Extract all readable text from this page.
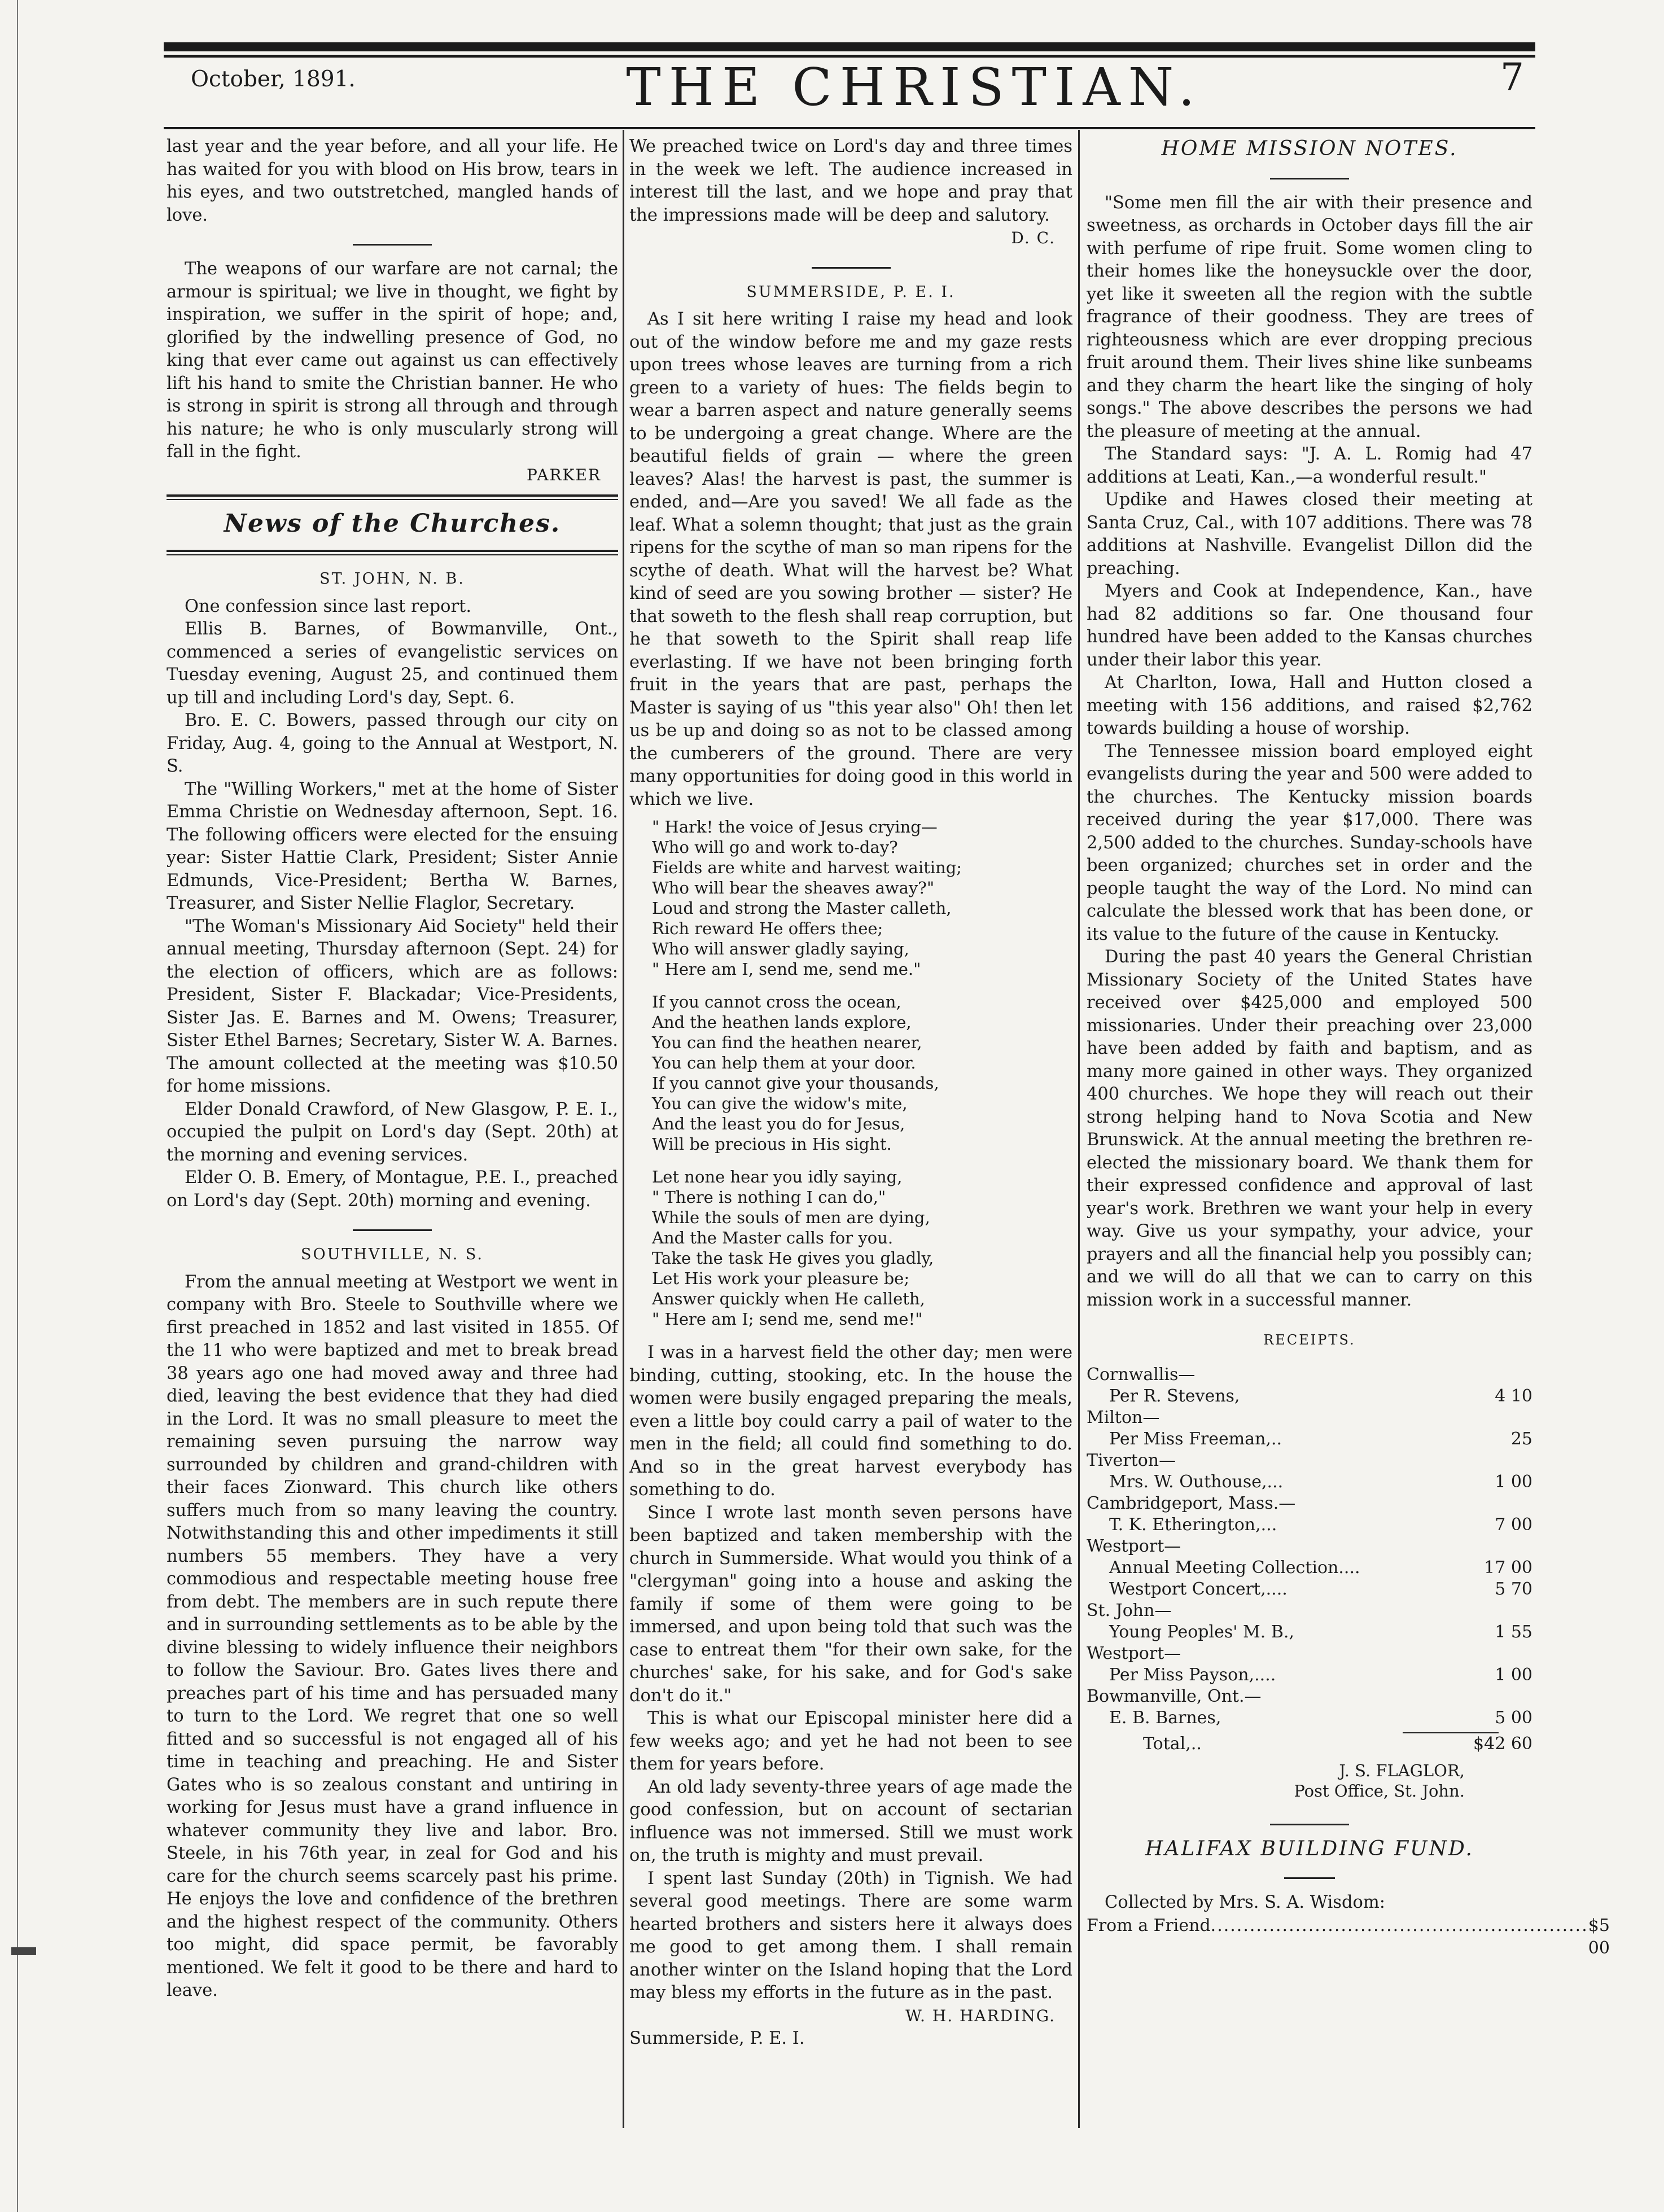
October, 1891.	THE CHRISTIAN.	7

last year and the year before, and all your life. He has waited for you with blood on His brow, tears in his eyes, and two outstretched, mangled hands of love.

The weapons of our warfare are not carnal; the armour is spiritual; we live in thought, we fight by inspiration, we suffer in the spirit of hope; and, glorified by the indwelling presence of God, no king that ever came out against us can effectively lift his hand to smite the Christian banner. He who is strong in spirit is strong all through and through his nature; he who is only muscularly strong will fall in the fight.

PARKER
News of the Churches.
ST. JOHN, N. B.

One confession since last report.

Ellis B. Barnes, of Bowmanville, Ont., commenced a series of evangelistic services on Tuesday evening, August 25, and continued them up till and including Lord's day, Sept. 6.

Bro. E. C. Bowers, passed through our city on Friday, Aug. 4, going to the Annual at Westport, N. S.

The "Willing Workers," met at the home of Sister Emma Christie on Wednesday afternoon, Sept. 16. The following officers were elected for the ensuing year: Sister Hattie Clark, President; Sister Annie Edmunds, Vice-President; Bertha W. Barnes, Treasurer, and Sister Nellie Flaglor, Secretary.

"The Woman's Missionary Aid Society" held their annual meeting, Thursday afternoon (Sept. 24) for the election of officers, which are as follows: President, Sister F. Blackadar; Vice-Presidents, Sister Jas. E. Barnes and M. Owens; Treasurer, Sister Ethel Barnes; Secretary, Sister W. A. Barnes. The amount collected at the meeting was $10.50 for home missions.

Elder Donald Crawford, of New Glasgow, P. E. I., occupied the pulpit on Lord's day (Sept. 20th) at the morning and evening services.

Elder O. B. Emery, of Montague, P.E. I., preached on Lord's day (Sept. 20th) morning and evening.

SOUTHVILLE, N. S.

From the annual meeting at Westport we went in company with Bro. Steele to Southville where we first preached in 1852 and last visited in 1855. Of the 11 who were baptized and met to break bread 38 years ago one had moved away and three had died, leaving the best evidence that they had died in the Lord. It was no small pleasure to meet the remaining seven pursuing the narrow way surrounded by children and grand-children with their faces Zionward. This church like others suffers much from so many leaving the country. Notwithstanding this and other impediments it still numbers 55 members. They have a very commodious and respectable meeting house free from debt. The members are in such repute there and in surrounding settlements as to be able by the divine blessing to widely influence their neighbors to follow the Saviour. Bro. Gates lives there and preaches part of his time and has persuaded many to turn to the Lord. We regret that one so well fitted and so successful is not engaged all of his time in teaching and preaching. He and Sister Gates who is so zealous constant and untiring in working for Jesus must have a grand influence in whatever community they live and labor. Bro. Steele, in his 76th year, in zeal for God and his care for the church seems scarcely past his prime. He enjoys the love and confidence of the brethren and the highest respect of the community. Others too might, did space permit, be favorably mentioned. We felt it good to be there and hard to leave.

We preached twice on Lord's day and three times in the week we left. The audience increased in interest till the last, and we hope and pray that the impressions made will be deep and salutory.

D. C.
SUMMERSIDE, P. E. I.

As I sit here writing I raise my head and look out of the window before me and my gaze rests upon trees whose leaves are turning from a rich green to a variety of hues: The fields begin to wear a barren aspect and nature generally seems to be undergoing a great change. Where are the beautiful fields of grain — where the green leaves? Alas! the harvest is past, the summer is ended, and—Are you saved! We all fade as the leaf. What a solemn thought; that just as the grain ripens for the scythe of man so man ripens for the scythe of death. What will the harvest be? What kind of seed are you sowing brother — sister? He that soweth to the flesh shall reap corruption, but he that soweth to the Spirit shall reap life everlasting. If we have not been bringing forth fruit in the years that are past, perhaps the Master is saying of us "this year also" Oh! then let us be up and doing so as not to be classed among the cumberers of the ground. There are very many opportunities for doing good in this world in which we live.

" Hark! the voice of Jesus crying—
Who will go and work to-day?
Fields are white and harvest waiting;
Who will bear the sheaves away?"
Loud and strong the Master calleth,
Rich reward He offers thee;
Who will answer gladly saying,
" Here am I, send me, send me."
If you cannot cross the ocean,
And the heathen lands explore,
You can find the heathen nearer,
You can help them at your door.
If you cannot give your thousands,
You can give the widow's mite,
And the least you do for Jesus,
Will be precious in His sight.
Let none hear you idly saying,
" There is nothing I can do,"
While the souls of men are dying,
And the Master calls for you.
Take the task He gives you gladly,
Let His work your pleasure be;
Answer quickly when He calleth,
" Here am I; send me, send me!"

I was in a harvest field the other day; men were binding, cutting, stooking, etc. In the house the women were busily engaged preparing the meals, even a little boy could carry a pail of water to the men in the field; all could find something to do. And so in the great harvest everybody has something to do.

Since I wrote last month seven persons have been baptized and taken membership with the church in Summerside. What would you think of a "clergyman" going into a house and asking the family if some of them were going to be immersed, and upon being told that such was the case to entreat them "for their own sake, for the churches' sake, for his sake, and for God's sake don't do it."

This is what our Episcopal minister here did a few weeks ago; and yet he had not been to see them for years before.

An old lady seventy-three years of age made the good confession, but on account of sectarian influence was not immersed. Still we must work on, the truth is mighty and must prevail.

I spent last Sunday (20th) in Tignish. We had several good meetings. There are some warm hearted brothers and sisters here it always does me good to get among them. I shall remain another winter on the Island hoping that the Lord may bless my efforts in the future as in the past.

W. H. HARDING.

Summerside, P. E. I.

HOME MISSION NOTES.

"Some men fill the air with their presence and sweetness, as orchards in October days fill the air with perfume of ripe fruit. Some women cling to their homes like the honeysuckle over the door, yet like it sweeten all the region with the subtle fragrance of their goodness. They are trees of righteousness which are ever dropping precious fruit around them. Their lives shine like sunbeams and they charm the heart like the singing of holy songs." The above describes the persons we had the pleasure of meeting at the annual.

The Standard says: "J. A. L. Romig had 47 additions at Leati, Kan.,—a wonderful result."

Updike and Hawes closed their meeting at Santa Cruz, Cal., with 107 additions. There was 78 additions at Nashville. Evangelist Dillon did the preaching.

Myers and Cook at Independence, Kan., have had 82 additions so far. One thousand four hundred have been added to the Kansas churches under their labor this year.

At Charlton, Iowa, Hall and Hutton closed a meeting with 156 additions, and raised $2,762 towards building a house of worship.

The Tennessee mission board employed eight evangelists during the year and 500 were added to the churches. The Kentucky mission boards received during the year $17,000. There was 2,500 added to the churches. Sunday-schools have been organized; churches set in order and the people taught the way of the Lord. No mind can calculate the blessed work that has been done, or its value to the future of the cause in Kentucky.

During the past 40 years the General Christian Missionary Society of the United States have received over $425,000 and employed 500 missionaries. Under their preaching over 23,000 have been added by faith and baptism, and as many more gained in other ways. They organized 400 churches. We hope they will reach out their strong helping hand to Nova Scotia and New Brunswick. At the annual meeting the brethren re-elected the missionary board. We thank them for their expressed confidence and approval of last year's work. Brethren we want your help in every way. Give us your sympathy, your advice, your prayers and all the financial help you possibly can; and we will do all that we can to carry on this mission work in a successful manner.

RECEIPTS.
Cornwallis—
Per R. Stevens,	4 10
Milton—
Per Miss Freeman,..	25
Tiverton—
Mrs. W. Outhouse,...	1 00
Cambridgeport, Mass.—
T. K. Etherington,...	7 00
Westport—
Annual Meeting Collection....	17 00
Westport Concert,....	5 70
St. John—
Young Peoples' M. B.,	1 55
Westport—
Per Miss Payson,....	1 00
Bowmanville, Ont.—
E. B. Barnes,	5 00
Total,..	$42 60
J. S. FLAGLOR,
Post Office, St. John.
HALIFAX BUILDING FUND.

Collected by Mrs. S. A. Wisdom:

From a Friend .......................................................... $5 00
